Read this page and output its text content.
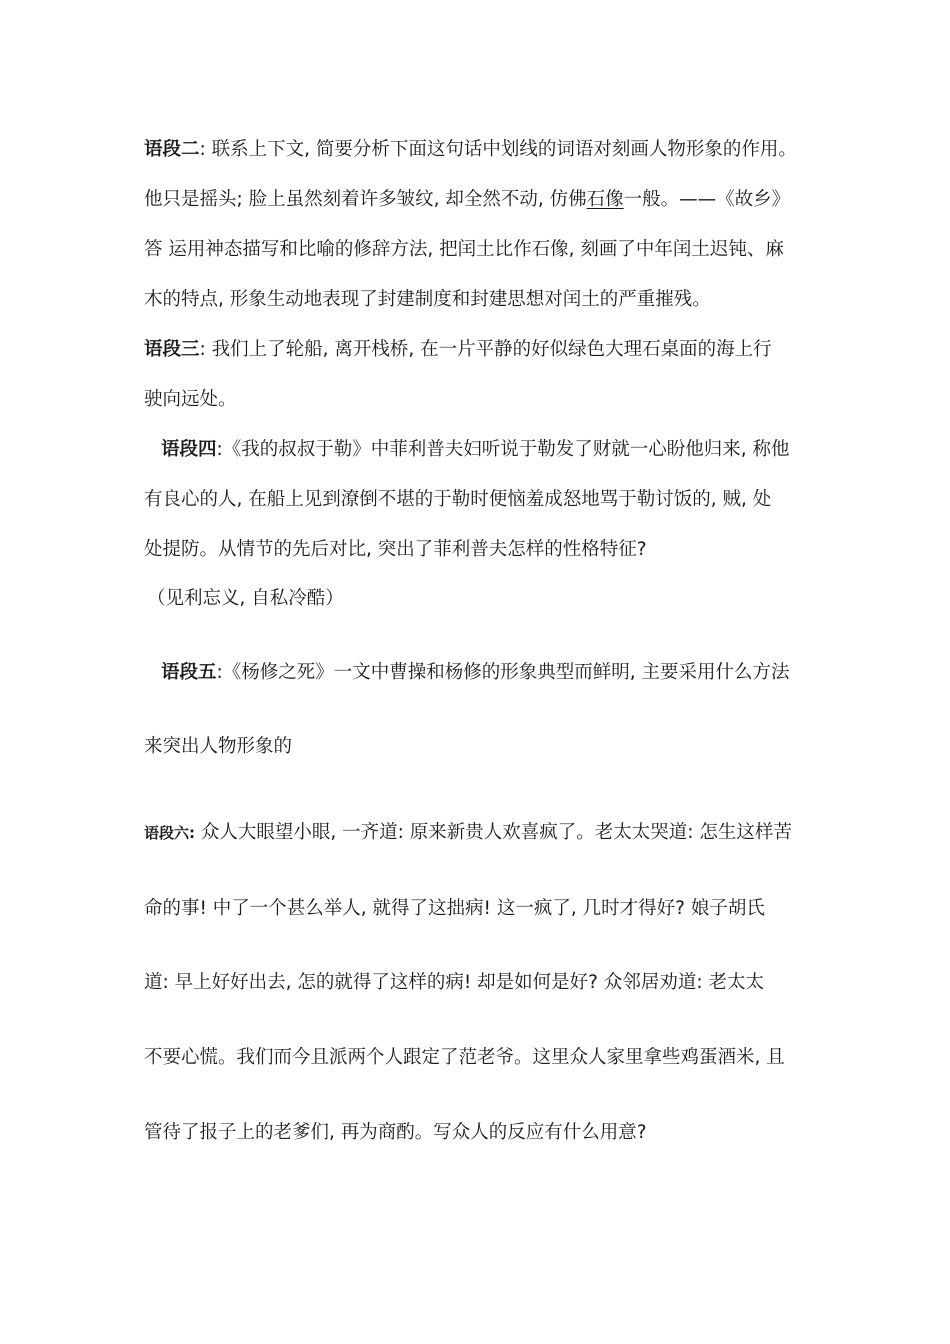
语段二: 联系上下文, 简要分析下面这句话中划线的词语对刻画人物形象的作用。
他只是摇头; 脸上虽然刻着许多皱纹, 却全然不动, 仿佛石像一般。——《故乡》
答 运用神态描写和比喻的修辞方法, 把闰土比作石像, 刻画了中年闰土迟钝、麻
木的特点, 形象生动地表现了封建制度和封建思想对闰土的严重摧残。
语段三: 我们上了轮船, 离开栈桥, 在一片平静的好似绿色大理石桌面的海上行
驶向远处。
语段四:《我的叔叔于勒》中菲利普夫妇听说于勒发了财就一心盼他归来, 称他
有良心的人, 在船上见到潦倒不堪的于勒时便恼羞成怒地骂于勒讨饭的, 贼, 处
处提防。从情节的先后对比, 突出了菲利普夫怎样的性格特征?
（见利忘义, 自私冷酷）
语段五:《杨修之死》一文中曹操和杨修的形象典型而鲜明, 主要采用什么方法
来突出人物形象的
语段六: 众人大眼望小眼, 一齐道: 原来新贵人欢喜疯了。老太太哭道: 怎生这样苦
命的事! 中了一个甚么举人, 就得了这拙病! 这一疯了, 几时才得好? 娘子胡氏
道: 早上好好出去, 怎的就得了这样的病! 却是如何是好? 众邻居劝道: 老太太
不要心慌。我们而今且派两个人跟定了范老爷。这里众人家里拿些鸡蛋酒米, 且
管待了报子上的老爹们, 再为商酌。写众人的反应有什么用意?
